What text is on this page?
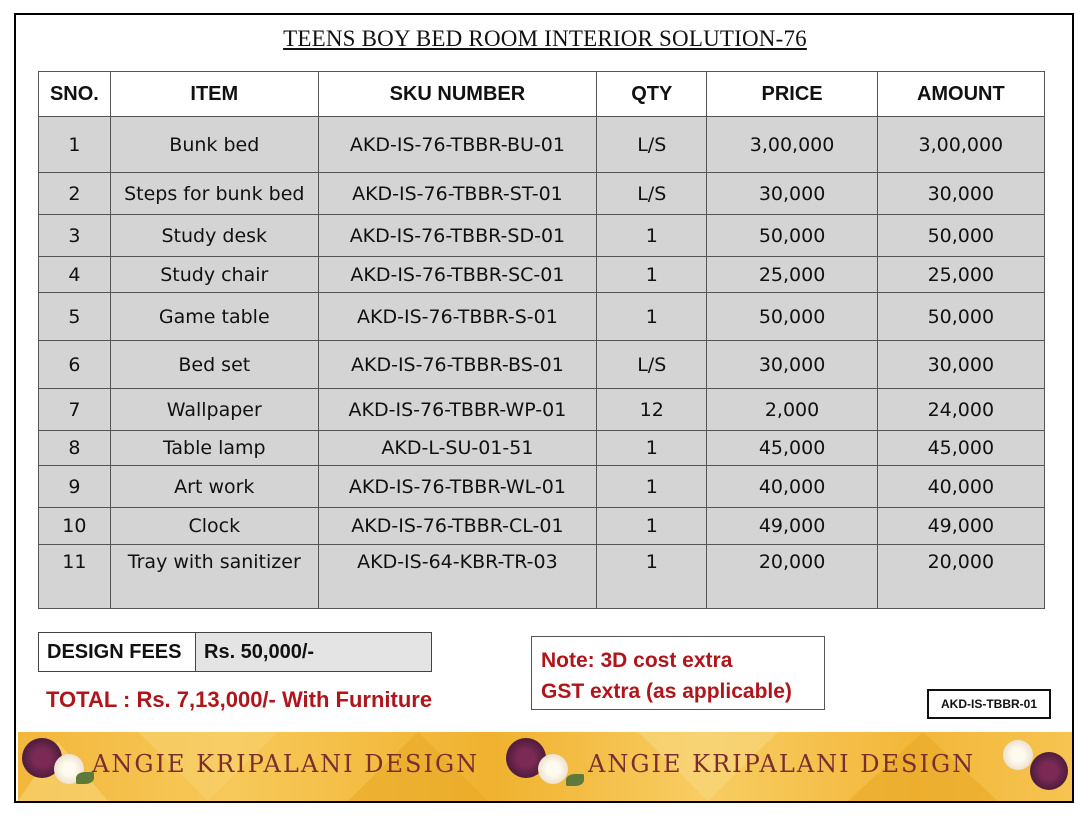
TEENS BOY BED ROOM INTERIOR SOLUTION-76
SNO.	ITEM	SKU NUMBER	QTY	PRICE	AMOUNT
1	Bunk bed	AKD-IS-76-TBBR-BU-01	L/S	3,00,000	3,00,000
2	Steps for bunk bed	AKD-IS-76-TBBR-ST-01	L/S	30,000	30,000
3	Study desk	AKD-IS-76-TBBR-SD-01	1	50,000	50,000
4	Study chair	AKD-IS-76-TBBR-SC-01	1	25,000	25,000
5	Game table	AKD-IS-76-TBBR-S-01	1	50,000	50,000
6	Bed set	AKD-IS-76-TBBR-BS-01	L/S	30,000	30,000
7	Wallpaper	AKD-IS-76-TBBR-WP-01	12	2,000	24,000
8	Table lamp	AKD-L-SU-01-51	1	45,000	45,000
9	Art work	AKD-IS-76-TBBR-WL-01	1	40,000	40,000
10	Clock	AKD-IS-76-TBBR-CL-01	1	49,000	49,000
11	Tray with sanitizer	AKD-IS-64-KBR-TR-03	1	20,000	20,000
DESIGN FEES	Rs. 50,000/-
TOTAL : Rs. 7,13,000/- With Furniture
Note: 3D cost extra
GST extra (as applicable)
AKD-IS-TBBR-01
ANGIE KRIPALANI DESIGN	ANGIE KRIPALANI DESIGN
